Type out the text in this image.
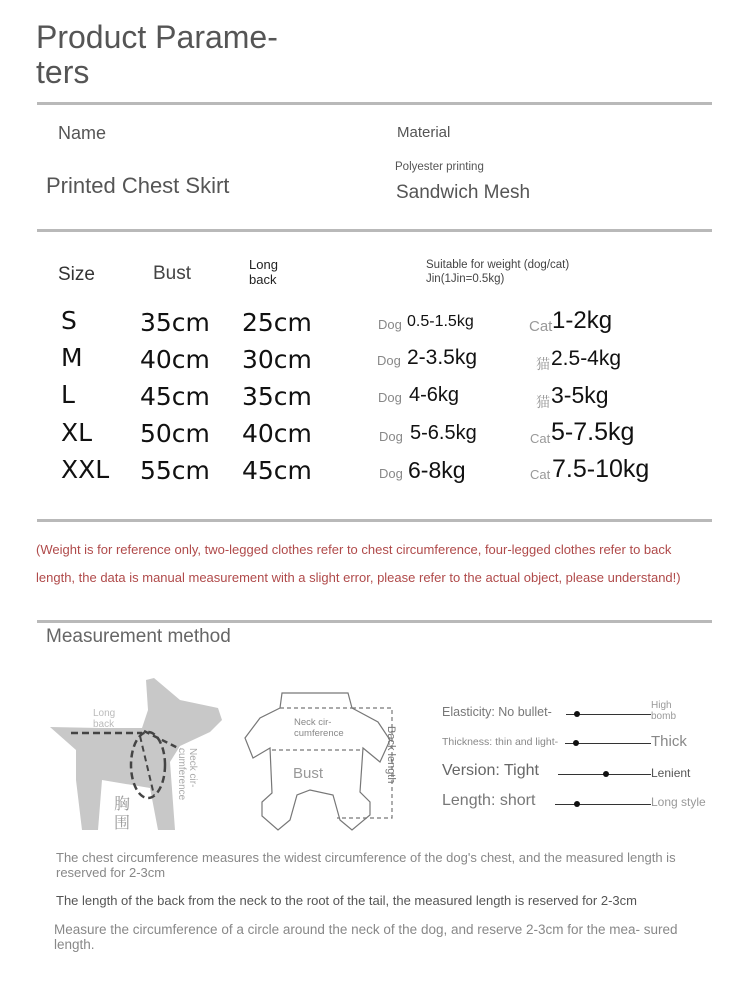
Product Parame- ters
Name
Printed Chest Skirt
Material
Polyester printing
Sandwich Mesh
Size	Bust	Long back
Suitable for weight (dog/cat) Jin(1Jin=0.5kg)
S	35cm 25cm	Dog 0.5-1.5kg	Cat 1-2kg
M 40cm 30cm	Dog 2-3.5kg	猫 2.5-4kg
L	45cm 35cm	Dog 4-6kg	猫 3-5kg
XL 50cm 40cm	Dog 5-6.5kg	Cat 5-7.5kg
XXL 55cm 45cm	Dog 6-8kg	Cat 7.5-10kg
(Weight is for reference only, two-legged clothes refer to chest circumference, four-legged clothes refer to back
length, the data is manual measurement with a slight error, please refer to the actual object, please understand!)
Measurement method
Long back
Neck cir- cumference
胸围
Neck cir- cumference
Bust	Back length
Elasticity: No bullet-	High bomb
Thickness: thin and light-	Thick
Version: Tight	Lenient
Length: short	Long style
The chest circumference measures the widest circumference of the dog's chest, and the measured length is reserved for 2-3cm
The length of the back from the neck to the root of the tail, the measured length is reserved for 2-3cm
Measure the circumference of a circle around the neck of the dog, and reserve 2-3cm for the mea- sured length.
